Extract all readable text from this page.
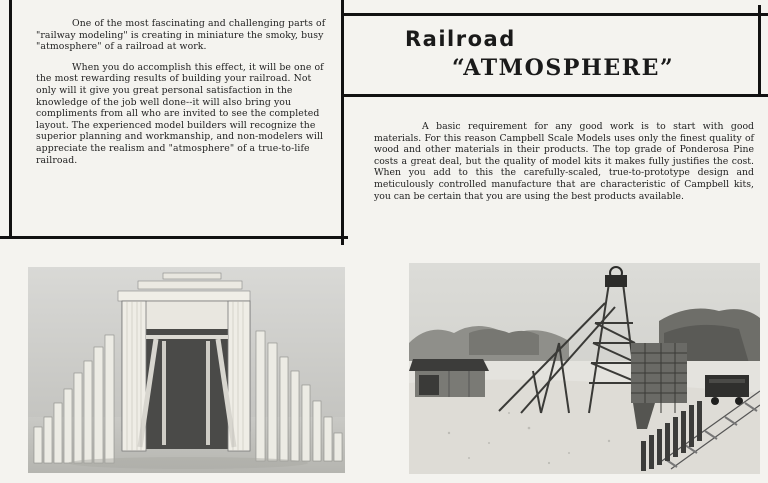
One of the most fascinating and challenging parts of "railway modeling" is creating in miniature the smoky, busy "atmosphere" of a railroad at work.

When you do accomplish this effect, it will be one of the most rewarding results of building your railroad. Not only will it give you great personal satisfaction in the knowledge of the job well done--it will also bring you compliments from all who are invited to see the completed layout. The experienced model builders will recognize the superior planning and workmanship, and non-modelers will appreciate the realism and "atmosphere" of a true-to-life railroad.

Railroad
“ATMOSPHERE”

A basic requirement for any good work is to start with good materials. For this reason Campbell Scale Models uses only the finest quality of wood and other materials in their products. The top grade of Ponderosa Pine costs a great deal, but the quality of model kits it makes fully justifies the cost. When you add to this the carefully-scaled, true-to-prototype design and meticulously controlled manufacture that are characteristic of Campbell kits, you can be certain that you are using the best products available.
